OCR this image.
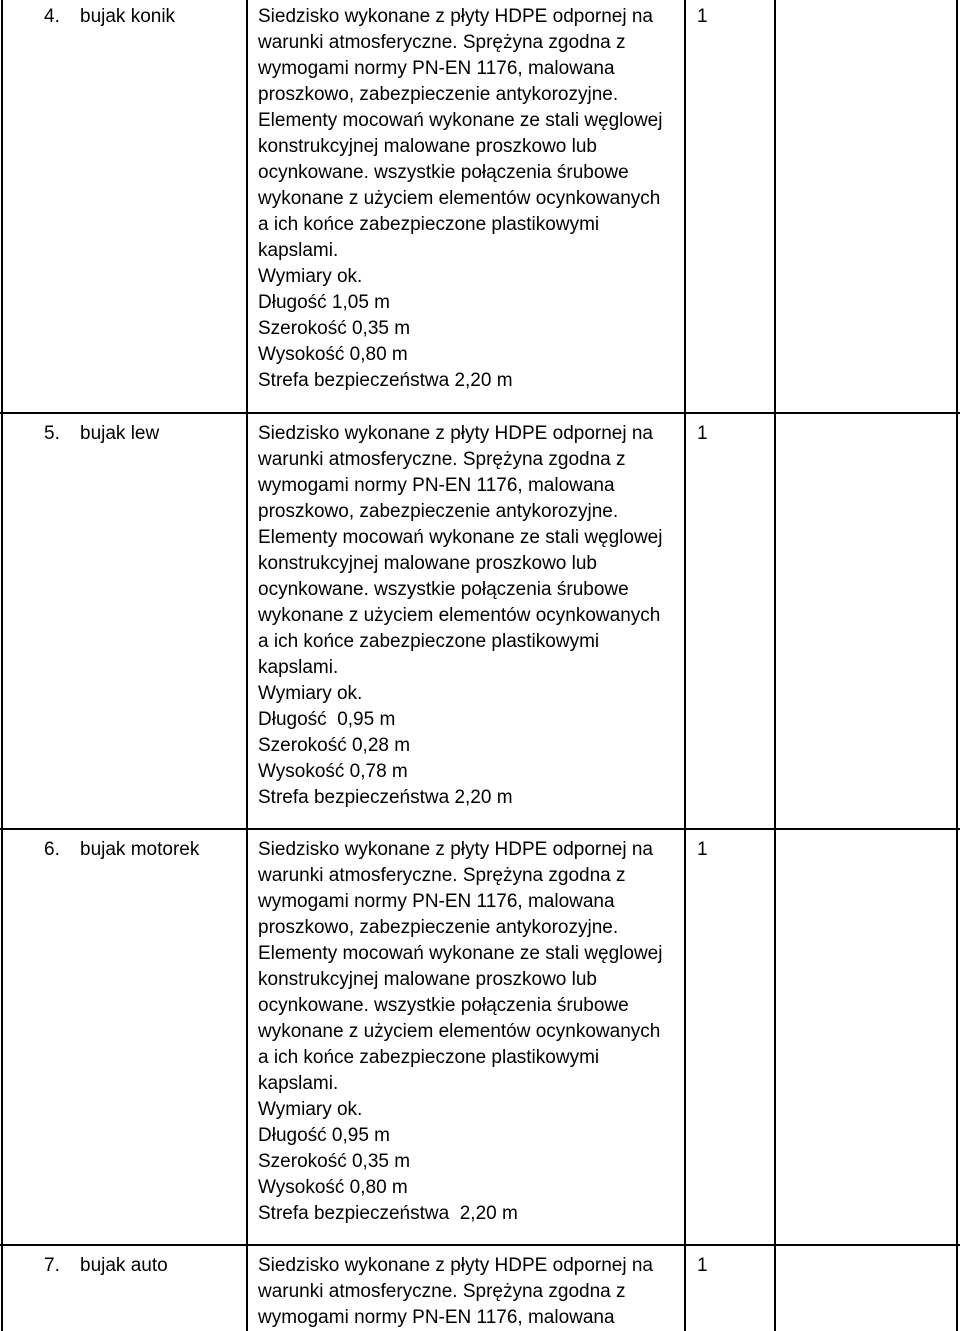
4. bujak konik	Siedzisko wykonane z płyty HDPE odpornej na
warunki atmosferyczne. Sprężyna zgodna z
wymogami normy PN-EN 1176, malowana
proszkowo, zabezpieczenie antykorozyjne.
Elementy mocowań wykonane ze stali węglowej
konstrukcyjnej malowane proszkowo lub
ocynkowane. wszystkie połączenia śrubowe
wykonane z użyciem elementów ocynkowanych
a ich końce zabezpieczone plastikowymi
kapslami.
Wymiary ok.
Długość 1,05 m
Szerokość 0,35 m
Wysokość 0,80 m
Strefa bezpieczeństwa 2,20 m
1
5. bujak lew	Siedzisko wykonane z płyty HDPE odpornej na
warunki atmosferyczne. Sprężyna zgodna z
wymogami normy PN-EN 1176, malowana
proszkowo, zabezpieczenie antykorozyjne.
Elementy mocowań wykonane ze stali węglowej
konstrukcyjnej malowane proszkowo lub
ocynkowane. wszystkie połączenia śrubowe
wykonane z użyciem elementów ocynkowanych
a ich końce zabezpieczone plastikowymi
kapslami.
Wymiary ok.
Długość  0,95 m
Szerokość 0,28 m
Wysokość 0,78 m
Strefa bezpieczeństwa 2,20 m
1
6. bujak motorek	Siedzisko wykonane z płyty HDPE odpornej na
warunki atmosferyczne. Sprężyna zgodna z
wymogami normy PN-EN 1176, malowana
proszkowo, zabezpieczenie antykorozyjne.
Elementy mocowań wykonane ze stali węglowej
konstrukcyjnej malowane proszkowo lub
ocynkowane. wszystkie połączenia śrubowe
wykonane z użyciem elementów ocynkowanych
a ich końce zabezpieczone plastikowymi
kapslami.
Wymiary ok.
Długość 0,95 m
Szerokość 0,35 m
Wysokość 0,80 m
Strefa bezpieczeństwa  2,20 m
1
7. bujak auto	Siedzisko wykonane z płyty HDPE odpornej na
warunki atmosferyczne. Sprężyna zgodna z
wymogami normy PN-EN 1176, malowana
1
